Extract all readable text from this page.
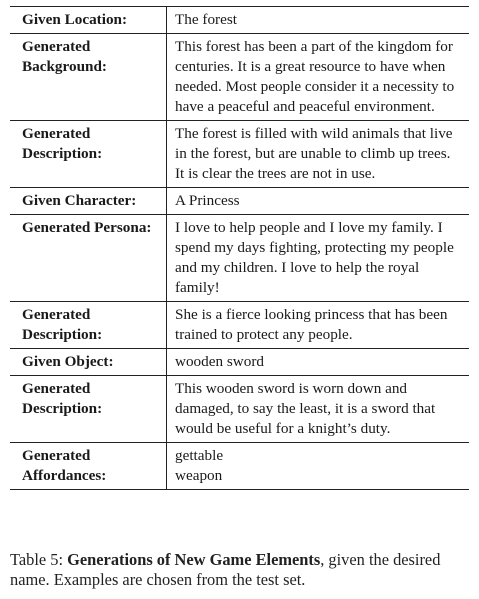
Given Location:	The forest
Generated Background:	This forest has been a part of the kingdom for centuries. It is a great resource to have when needed. Most people consider it a necessity to have a peaceful and peaceful environment.
Generated Description:	The forest is filled with wild animals that live in the forest, but are unable to climb up trees. It is clear the trees are not in use.
Given Character:	A Princess
Generated Persona:	I love to help people and I love my family. I spend my days fighting, protecting my people and my children. I love to help the royal family!
Generated Description:	She is a fierce looking princess that has been trained to protect any people.
Given Object:	wooden sword
Generated Description:	This wooden sword is worn down and damaged, to say the least, it is a sword that would be useful for a knight’s duty.
Generated Affordances:	gettable
weapon
Table 5: Generations of New Game Elements, given the desired name. Examples are chosen from the test set.
